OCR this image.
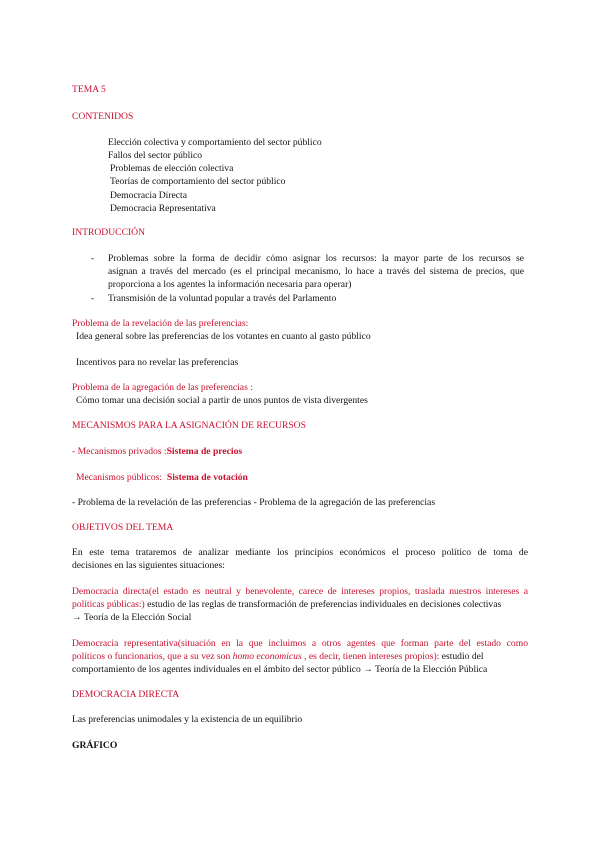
TEMA 5
CONTENIDOS
Elección colectiva y comportamiento del sector público
Fallos del sector público
Problemas de elección colectiva
Teorías de comportamiento del sector público
Democracia Directa
Democracia Representativa
INTRODUCCIÓN
- Problemas sobre la forma de decidir cómo asignar los recursos: la mayor parte de los recursos se
asignan a través del mercado (es el principal mecanismo, lo hace a través del sistema de precios, que
proporciona a los agentes la información necesaria para operar)
- Transmisión de la voluntad popular a través del Parlamento
Problema de la revelación de las preferencias:
Idea general sobre las preferencias de los votantes en cuanto al gasto público
Incentivos para no revelar las preferencias
Problema de la agregación de las preferencias :
Cómo tomar una decisión social a partir de unos puntos de vista divergentes
MECANISMOS PARA LA ASIGNACIÓN DE RECURSOS
- Mecanismos privados :Sistema de precios
Mecanismos públicos: Sistema de votación
- Problema de la revelación de las preferencias - Problema de la agregación de las preferencias
OBJETIVOS DEL TEMA
En este tema trataremos de analizar mediante los principios económicos el proceso político de toma de
decisiones en las siguientes situaciones:
Democracia directa(el estado es neutral y benevolente, carece de intereses propios, traslada nuestros intereses a
políticas públicas:) estudio de las reglas de transformación de preferencias individuales en decisiones colectivas
→ Teoría de la Elección Social
Democracia representativa(situación en la que incluimos a otros agentes que forman parte del estado como
políticos o funcionarios, que a su vez son homo economicus , es decir, tienen intereses propios): estudio del
comportamiento de los agentes individuales en el ámbito del sector público → Teoría de la Elección Pública
DEMOCRACIA DIRECTA
Las preferencias unimodales y la existencia de un equilibrio
GRÁFICO
